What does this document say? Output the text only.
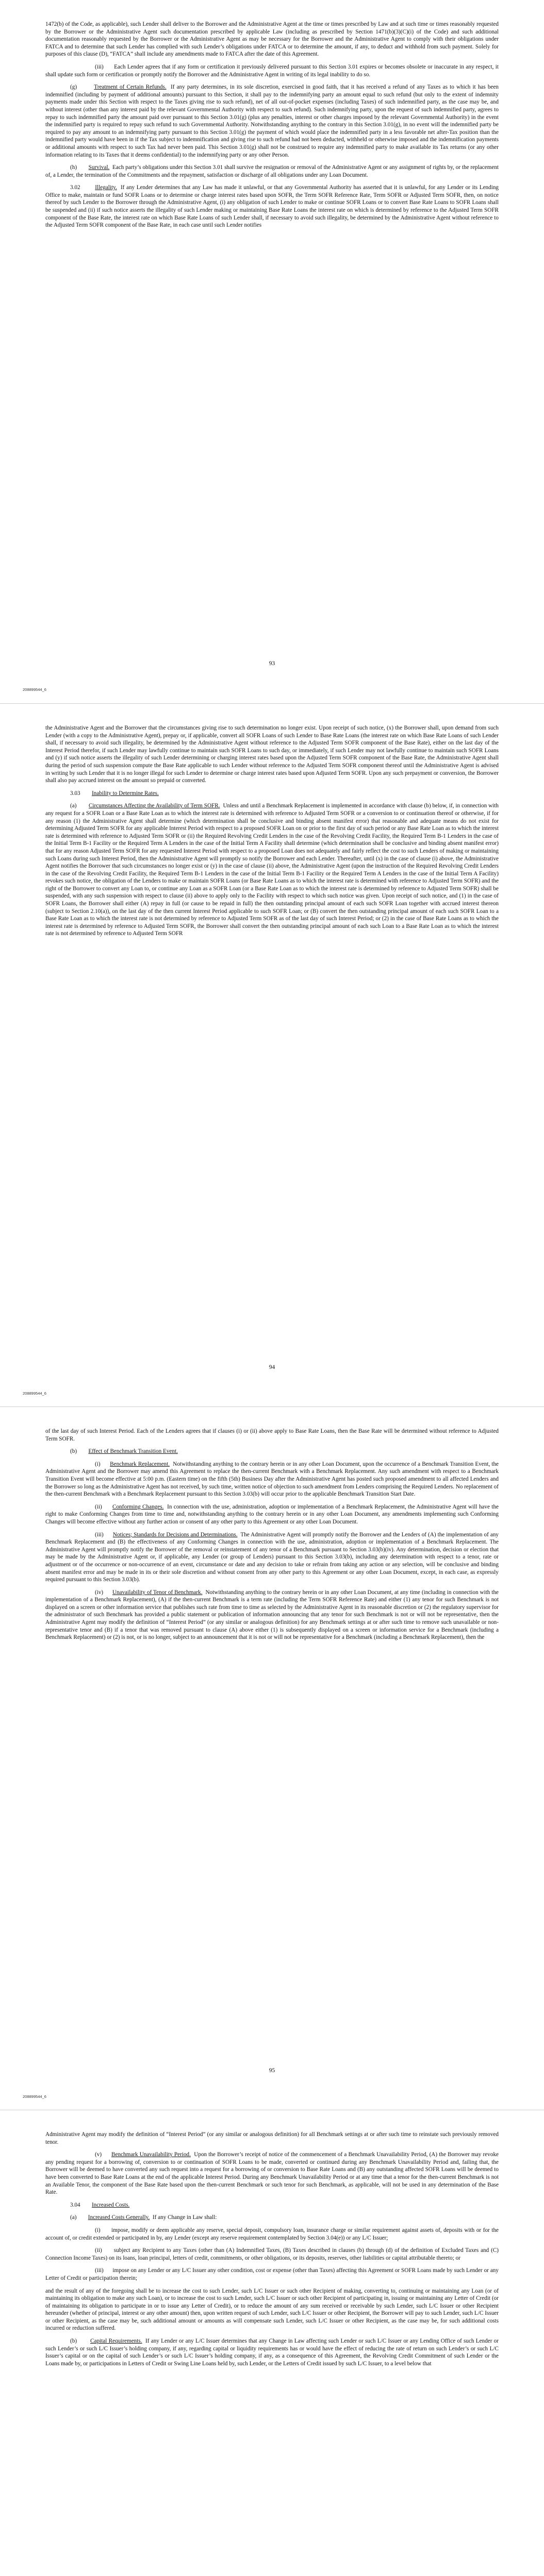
1472(b) of the Code, as applicable), such Lender shall deliver to the Borrower and the Administrative Agent at the time or times prescribed by Law and at such time or times reasonably requested by the Borrower or the Administrative Agent such documentation prescribed by applicable Law (including as prescribed by Section 1471(b)(3)(C)(i) of the Code) and such additional documentation reasonably requested by the Borrower or the Administrative Agent as may be necessary for the Borrower and the Administrative Agent to comply with their obligations under FATCA and to determine that such Lender has complied with such Lender’s obligations under FATCA or to determine the amount, if any, to deduct and withhold from such payment. Solely for purposes of this clause (D), “FATCA” shall include any amendments made to FATCA after the date of this Agreement.

(iii) Each Lender agrees that if any form or certification it previously delivered pursuant to this Section 3.01 expires or becomes obsolete or inaccurate in any respect, it shall update such form or certification or promptly notify the Borrower and the Administrative Agent in writing of its legal inability to do so.

(g)	Treatment of Certain Refunds. If any party determines, in its sole discretion, exercised in good faith, that it has received a refund of any Taxes as to which it has been indemnified (including by payment of additional amounts) pursuant to this Section, it shall pay to the indemnifying party an amount equal to such refund (but only to the extent of indemnity payments made under this Section with respect to the Taxes giving rise to such refund), net of all out-of-pocket expenses (including Taxes) of such indemnified party, as the case may be, and without interest (other than any interest paid by the relevant Governmental Authority with respect to such refund). Such indemnifying party, upon the request of such indemnified party, agrees to repay to such indemnified party the amount paid over pursuant to this Section 3.01(g) (plus any penalties, interest or other charges imposed by the relevant Governmental Authority) in the event the indemnified party is required to repay such refund to such Governmental Authority. Notwithstanding anything to the contrary in this Section 3.01(g), in no event will the indemnified party be required to pay any amount to an indemnifying party pursuant to this Section 3.01(g) the payment of which would place the indemnified party in a less favorable net after-Tax position than the indemnified party would have been in if the Tax subject to indemnification and giving rise to such refund had not been deducted, withheld or otherwise imposed and the indemnification payments or additional amounts with respect to such Tax had never been paid. This Section 3.01(g) shall not be construed to require any indemnified party to make available its Tax returns (or any other information relating to its Taxes that it deems confidential) to the indemnifying party or any other Person.

(h) Survival. Each party’s obligations under this Section 3.01 shall survive the resignation or removal of the Administrative Agent or any assignment of rights by, or the replacement of, a Lender, the termination of the Commitments and the repayment, satisfaction or discharge of all obligations under any Loan Document.

3.02	Illegality. If any Lender determines that any Law has made it unlawful, or that any Governmental Authority has asserted that it is unlawful, for any Lender or its Lending Office to make, maintain or fund SOFR Loans or to determine or charge interest rates based upon SOFR, the Term SOFR Reference Rate, Term SOFR or Adjusted Term SOFR, then, on notice thereof by such Lender to the Borrower through the Administrative Agent, (i) any obligation of such Lender to make or continue SOFR Loans or to convert Base Rate Loans to SOFR Loans shall be suspended and (ii) if such notice asserts the illegality of such Lender making or maintaining Base Rate Loans the interest rate on which is determined by reference to the Adjusted Term SOFR component of the Base Rate, the interest rate on which Base Rate Loans of such Lender shall, if necessary to avoid such illegality, be determined by the Administrative Agent without reference to the Adjusted Term SOFR component of the Base Rate, in each case until such Lender notifies

93
208899544_6

the Administrative Agent and the Borrower that the circumstances giving rise to such determination no longer exist. Upon receipt of such notice, (x) the Borrower shall, upon demand from such Lender (with a copy to the Administrative Agent), prepay or, if applicable, convert all SOFR Loans of such Lender to Base Rate Loans (the interest rate on which Base Rate Loans of such Lender shall, if necessary to avoid such illegality, be determined by the Administrative Agent without reference to the Adjusted Term SOFR component of the Base Rate), either on the last day of the Interest Period therefor, if such Lender may lawfully continue to maintain such SOFR Loans to such day, or immediately, if such Lender may not lawfully continue to maintain such SOFR Loans and (y) if such notice asserts the illegality of such Lender determining or charging interest rates based upon the Adjusted Term SOFR component of the Base Rate, the Administrative Agent shall during the period of such suspension compute the Base Rate applicable to such Lender without reference to the Adjusted Term SOFR component thereof until the Administrative Agent is advised in writing by such Lender that it is no longer illegal for such Lender to determine or charge interest rates based upon Adjusted Term SOFR. Upon any such prepayment or conversion, the Borrower shall also pay accrued interest on the amount so prepaid or converted.

3.03 Inability to Determine Rates.

(a) Circumstances Affecting the Availability of Term SOFR. Unless and until a Benchmark Replacement is implemented in accordance with clause (b) below, if, in connection with any request for a SOFR Loan or a Base Rate Loan as to which the interest rate is determined with reference to Adjusted Term SOFR or a conversion to or continuation thereof or otherwise, if for any reason (1) the Administrative Agent shall determine (which determination shall be conclusive and binding absent manifest error) that reasonable and adequate means do not exist for determining Adjusted Term SOFR for any applicable Interest Period with respect to a proposed SOFR Loan on or prior to the first day of such period or any Base Rate Loan as to which the interest rate is determined with reference to Adjusted Term SOFR or (ii) the Required Revolving Credit Lenders in the case of the Revolving Credit Facility, the Required Term B-1 Lenders in the case of the Initial Term B-1 Facility or the Required Term A Lenders in the case of the Initial Term A Facility shall determine (which determination shall be conclusive and binding absent manifest error) that for any reason Adjusted Term SOFR for any requested Interest Period with respect to a proposed Loan does not adequately and fairly reflect the cost to such Lenders of making or maintaining such Loans during such Interest Period, then the Administrative Agent will promptly so notify the Borrower and each Lender. Thereafter, until (x) in the case of clause (i) above, the Administrative Agent notifies the Borrower that such circumstances no longer exist or (y) in the case of clause (ii) above, the Administrative Agent (upon the instruction of the Required Revolving Credit Lenders in the case of the Revolving Credit Facility, the Required Term B-1 Lenders in the case of the Initial Term B-1 Facility or the Required Term A Lenders in the case of the Initial Term A Facility) revokes such notice, the obligation of the Lenders to make or maintain SOFR Loans (or Base Rate Loans as to which the interest rate is determined with reference to Adjusted Term SOFR) and the right of the Borrower to convert any Loan to, or continue any Loan as a SOFR Loan (or a Base Rate Loan as to which the interest rate is determined by reference to Adjusted Term SOFR) shall be suspended, with any such suspension with respect to clause (ii) above to apply only to the Facility with respect to which such notice was given. Upon receipt of such notice, and (1) in the case of SOFR Loans, the Borrower shall either (A) repay in full (or cause to be repaid in full) the then outstanding principal amount of each such SOFR Loan together with accrued interest thereon (subject to Section 2.10(a)), on the last day of the then current Interest Period applicable to such SOFR Loan; or (B) convert the then outstanding principal amount of each such SOFR Loan to a Base Rate Loan as to which the interest rate is not determined by reference to Adjusted Term SOFR as of the last day of such Interest Period; or (2) in the case of Base Rate Loans as to which the interest rate is determined by reference to Adjusted Term SOFR, the Borrower shall convert the then outstanding principal amount of each such Loan to a Base Rate Loan as to which the interest rate is not determined by reference to Adjusted Term SOFR

94
208899544_6

of the last day of such Interest Period. Each of the Lenders agrees that if clauses (i) or (ii) above apply to Base Rate Loans, then the Base Rate will be determined without reference to Adjusted Term SOFR.

(b) Effect of Benchmark Transition Event.

(i) Benchmark Replacement. Notwithstanding anything to the contrary herein or in any other Loan Document, upon the occurrence of a Benchmark Transition Event, the Administrative Agent and the Borrower may amend this Agreement to replace the then-current Benchmark with a Benchmark Replacement. Any such amendment with respect to a Benchmark Transition Event will become effective at 5:00 p.m. (Eastern time) on the fifth (5th) Business Day after the Administrative Agent has posted such proposed amendment to all affected Lenders and the Borrower so long as the Administrative Agent has not received, by such time, written notice of objection to such amendment from Lenders comprising the Required Lenders. No replacement of the then-current Benchmark with a Benchmark Replacement pursuant to this Section 3.03(b) will occur prior to the applicable Benchmark Transition Start Date.

(ii) Conforming Changes. In connection with the use, administration, adoption or implementation of a Benchmark Replacement, the Administrative Agent will have the right to make Conforming Changes from time to time and, notwithstanding anything to the contrary herein or in any other Loan Document, any amendments implementing such Conforming Changes will become effective without any further action or consent of any other party to this Agreement or any other Loan Document.

(iii) Notices; Standards for Decisions and Determinations. The Administrative Agent will promptly notify the Borrower and the Lenders of (A) the implementation of any Benchmark Replacement and (B) the effectiveness of any Conforming Changes in connection with the use, administration, adoption or implementation of a Benchmark Replacement. The Administrative Agent will promptly notify the Borrower of the removal or reinstatement of any tenor of a Benchmark pursuant to Section 3.03(b)(iv). Any determination, decision or election that may be made by the Administrative Agent or, if applicable, any Lender (or group of Lenders) pursuant to this Section 3.03(b), including any determination with respect to a tenor, rate or adjustment or of the occurrence or non-occurrence of an event, circumstance or date and any decision to take or refrain from taking any action or any selection, will be conclusive and binding absent manifest error and may be made in its or their sole discretion and without consent from any other party to this Agreement or any other Loan Document, except, in each case, as expressly required pursuant to this Section 3.03(b).

(iv) Unavailability of Tenor of Benchmark. Notwithstanding anything to the contrary herein or in any other Loan Document, at any time (including in connection with the implementation of a Benchmark Replacement), (A) if the then-current Benchmark is a term rate (including the Term SOFR Reference Rate) and either (1) any tenor for such Benchmark is not displayed on a screen or other information service that publishes such rate from time to time as selected by the Administrative Agent in its reasonable discretion or (2) the regulatory supervisor for the administrator of such Benchmark has provided a public statement or publication of information announcing that any tenor for such Benchmark is not or will not be representative, then the Administrative Agent may modify the definition of “Interest Period” (or any similar or analogous definition) for any Benchmark settings at or after such time to remove such unavailable or non-representative tenor and (B) if a tenor that was removed pursuant to clause (A) above either (1) is subsequently displayed on a screen or information service for a Benchmark (including a Benchmark Replacement) or (2) is not, or is no longer, subject to an announcement that it is not or will not be representative for a Benchmark (including a Benchmark Replacement), then the

95
208899544_6

Administrative Agent may modify the definition of “Interest Period” (or any similar or analogous definition) for all Benchmark settings at or after such time to reinstate such previously removed tenor.

(v) Benchmark Unavailability Period. Upon the Borrower’s receipt of notice of the commencement of a Benchmark Unavailability Period, (A) the Borrower may revoke any pending request for a borrowing of, conversion to or continuation of SOFR Loans to be made, converted or continued during any Benchmark Unavailability Period and, failing that, the Borrower will be deemed to have converted any such request into a request for a borrowing of or conversion to Base Rate Loans and (B) any outstanding affected SOFR Loans will be deemed to have been converted to Base Rate Loans at the end of the applicable Interest Period. During any Benchmark Unavailability Period or at any time that a tenor for the then-current Benchmark is not an Available Tenor, the component of the Base Rate based upon the then-current Benchmark or such tenor for such Benchmark, as applicable, will not be used in any determination of the Base Rate.

3.04 Increased Costs.

(a) Increased Costs Generally. If any Change in Law shall:

(i) impose, modify or deem applicable any reserve, special deposit, compulsory loan, insurance charge or similar requirement against assets of, deposits with or for the account of, or credit extended or participated in by, any Lender (except any reserve requirement contemplated by Section 3.04(e)) or any L/C Issuer;

(ii) subject any Recipient to any Taxes (other than (A) Indemnified Taxes, (B) Taxes described in clauses (b) through (d) of the definition of Excluded Taxes and (C) Connection Income Taxes) on its loans, loan principal, letters of credit, commitments, or other obligations, or its deposits, reserves, other liabilities or capital attributable thereto; or

(iii) impose on any Lender or any L/C Issuer any other condition, cost or expense (other than Taxes) affecting this Agreement or SOFR Loans made by such Lender or any Letter of Credit or participation therein;

and the result of any of the foregoing shall be to increase the cost to such Lender, such L/C Issuer or such other Recipient of making, converting to, continuing or maintaining any Loan (or of maintaining its obligation to make any such Loan), or to increase the cost to such Lender, such L/C Issuer or such other Recipient of participating in, issuing or maintaining any Letter of Credit (or of maintaining its obligation to participate in or to issue any Letter of Credit), or to reduce the amount of any sum received or receivable by such Lender, such L/C Issuer or other Recipient hereunder (whether of principal, interest or any other amount) then, upon written request of such Lender, such L/C Issuer or other Recipient, the Borrower will pay to such Lender, such L/C Issuer or other Recipient, as the case may be, such additional amount or amounts as will compensate such Lender, such L/C Issuer or other Recipient, as the case may be, for such additional costs incurred or reduction suffered.

(b) Capital Requirements. If any Lender or any L/C Issuer determines that any Change in Law affecting such Lender or such L/C Issuer or any Lending Office of such Lender or such Lender’s or such L/C Issuer’s holding company, if any, regarding capital or liquidity requirements has or would have the effect of reducing the rate of return on such Lender’s or such L/C Issuer’s capital or on the capital of such Lender’s or such L/C Issuer’s holding company, if any, as a consequence of this Agreement, the Revolving Credit Commitment of such Lender or the Loans made by, or participations in Letters of Credit or Swing Line Loans held by, such Lender, or the Letters of Credit issued by such L/C Issuer, to a level below that
